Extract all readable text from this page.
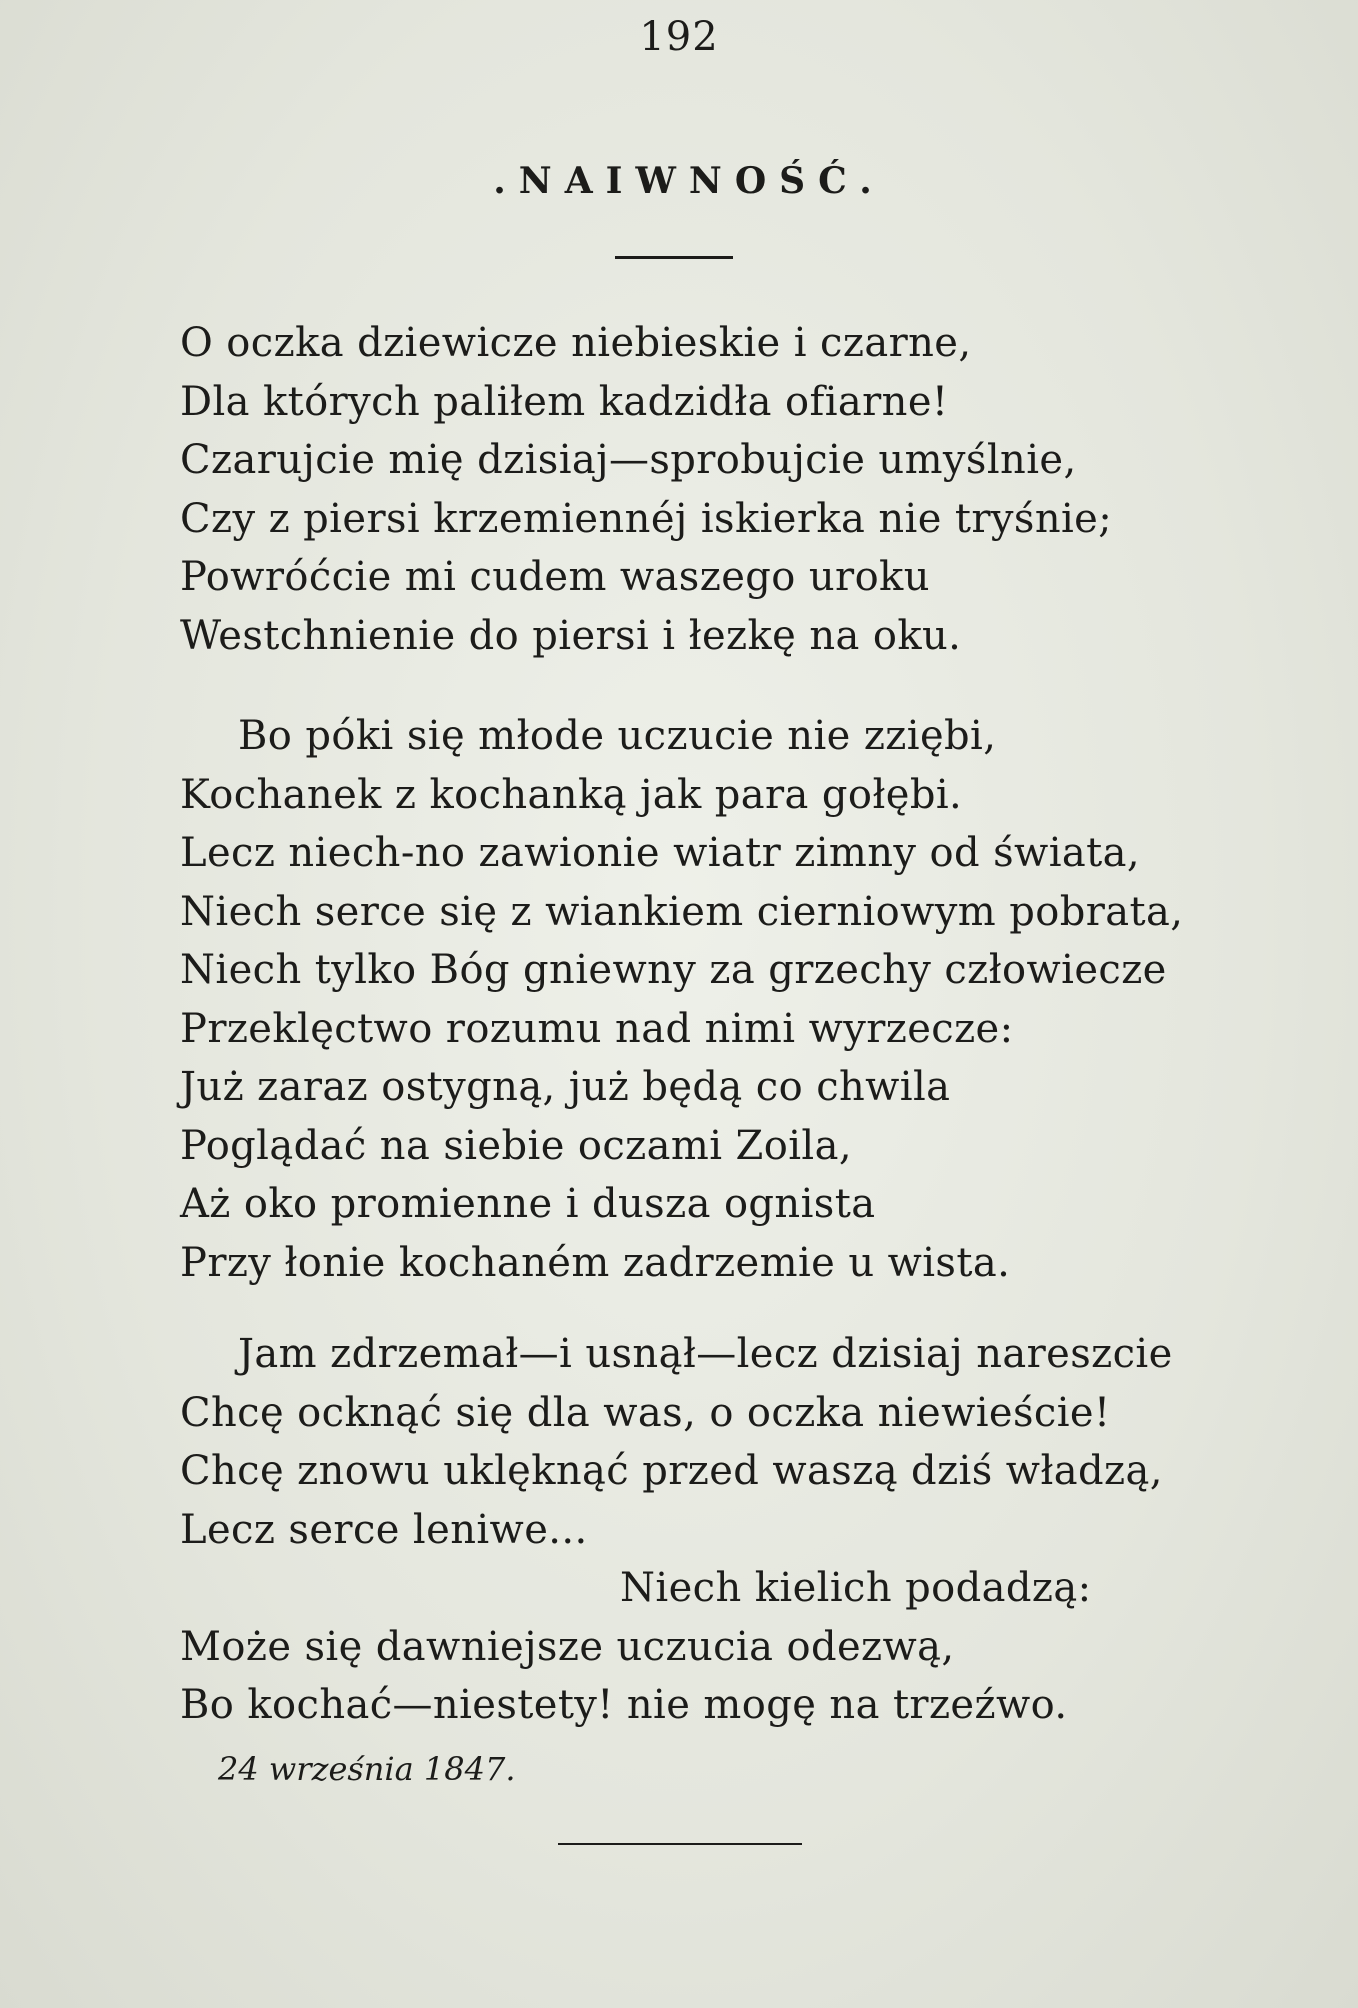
192
.NAIWNOŚĆ.
O oczka dziewicze niebieskie i czarne,
Dla których paliłem kadzidła ofiarne!
Czarujcie mię dzisiaj—sprobujcie umyślnie,
Czy z piersi krzemiennéj iskierka nie tryśnie;
Powróćcie mi cudem waszego uroku
Westchnienie do piersi i łezkę na oku.
Bo póki się młode uczucie nie zziębi,
Kochanek z kochanką jak para gołębi.
Lecz niech-no zawionie wiatr zimny od świata,
Niech serce się z wiankiem cierniowym pobrata,
Niech tylko Bóg gniewny za grzechy człowiecze
Przeklęctwo rozumu nad nimi wyrzecze:
Już zaraz ostygną, już będą co chwila
Poglądać na siebie oczami Zoila,
Aż oko promienne i dusza ognista
Przy łonie kochaném zadrzemie u wista.
Jam zdrzemał—i usnął—lecz dzisiaj nareszcie
Chcę ocknąć się dla was, o oczka niewieście!
Chcę znowu uklęknąć przed waszą dziś władzą,
Lecz serce leniwe...
Niech kielich podadzą:
Może się dawniejsze uczucia odezwą,
Bo kochać—niestety! nie mogę na trzeźwo.
24 września 1847.
